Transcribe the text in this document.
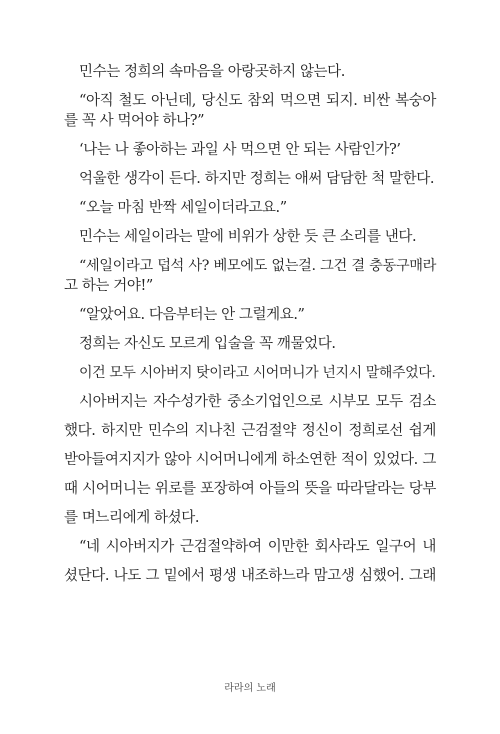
민수는 정희의 속마음을 아랑곳하지 않는다.
“아직 철도 아닌데, 당신도 참외 먹으면 되지. 비싼 복숭아
를 꼭 사 먹어야 하나?”
‘나는 나 좋아하는 과일 사 먹으면 안 되는 사람인가?’
억울한 생각이 든다. 하지만 정희는 애써 담담한 척 말한다.
“오늘 마침 반짝 세일이더라고요.”
민수는 세일이라는 말에 비위가 상한 듯 큰 소리를 낸다.
“세일이라고 덥석 사? 베모에도 없는걸. 그건 결 충동구매라
고 하는 거야!”
“알았어요. 다음부터는 안 그럴게요.”
정희는 자신도 모르게 입술을 꼭 깨물었다.
이건 모두 시아버지 탓이라고 시어머니가 넌지시 말해주었다.
시아버지는 자수성가한 중소기업인으로 시부모 모두 검소
했다. 하지만 민수의 지나친 근검절약 정신이 정희로선 쉽게
받아들여지지가 않아 시어머니에게 하소연한 적이 있었다. 그
때 시어머니는 위로를 포장하여 아들의 뜻을 따라달라는 당부
를 며느리에게 하셨다.
“네 시아버지가 근검절약하여 이만한 회사라도 일구어 내
셨단다. 나도 그 밑에서 평생 내조하느라 맘고생 심했어. 그래
라라의 노래
